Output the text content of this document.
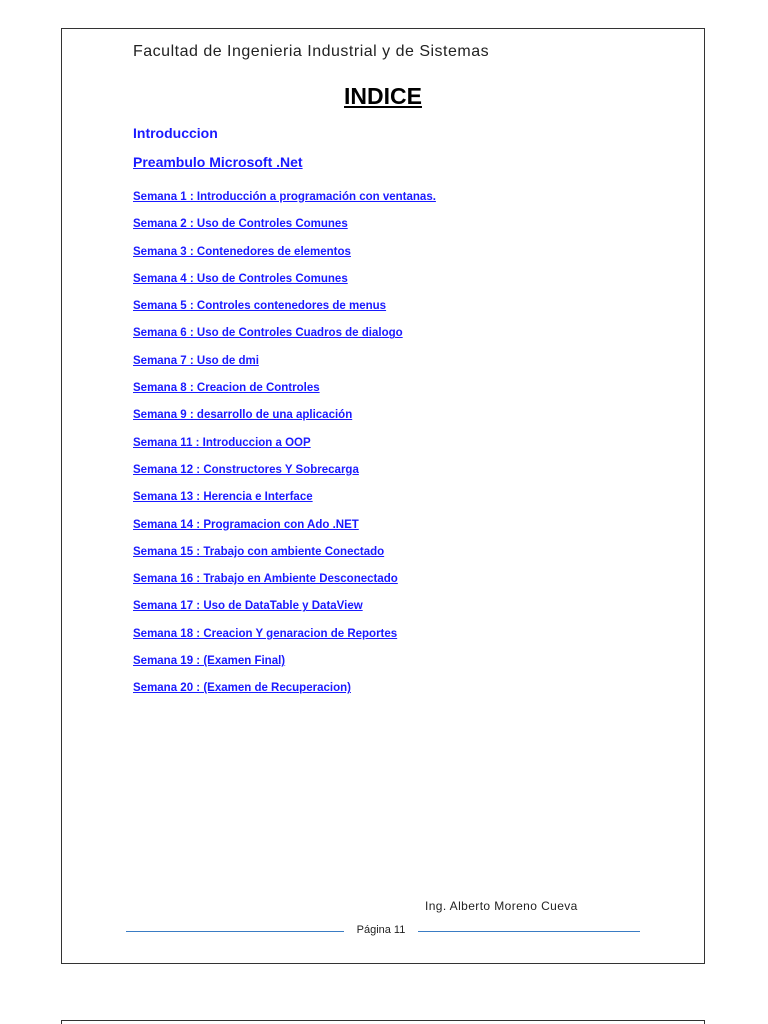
Facultad de Ingenieria Industrial y de Sistemas
INDICE
Introduccion
Preambulo Microsoft .Net
Semana 1 : Introducción a programación con ventanas.
Semana 2 : Uso de Controles Comunes
Semana 3 : Contenedores de elementos
Semana 4 : Uso de Controles Comunes
Semana 5 : Controles contenedores de menus
Semana 6 : Uso de Controles Cuadros de dialogo
Semana 7 : Uso de dmi
Semana 8 : Creacion de Controles
Semana 9 : desarrollo de una aplicación
Semana 11 : Introduccion a OOP
Semana 12 : Constructores Y Sobrecarga
Semana 13 : Herencia e Interface
Semana 14 : Programacion con Ado .NET
Semana 15 : Trabajo con ambiente Conectado
Semana 16 : Trabajo en Ambiente Desconectado
Semana 17 : Uso de DataTable y DataView
Semana 18 : Creacion Y genaracion de Reportes
Semana 19 : (Examen Final)
Semana 20 : (Examen de Recuperacion)
Ing. Alberto Moreno Cueva
Página 11
